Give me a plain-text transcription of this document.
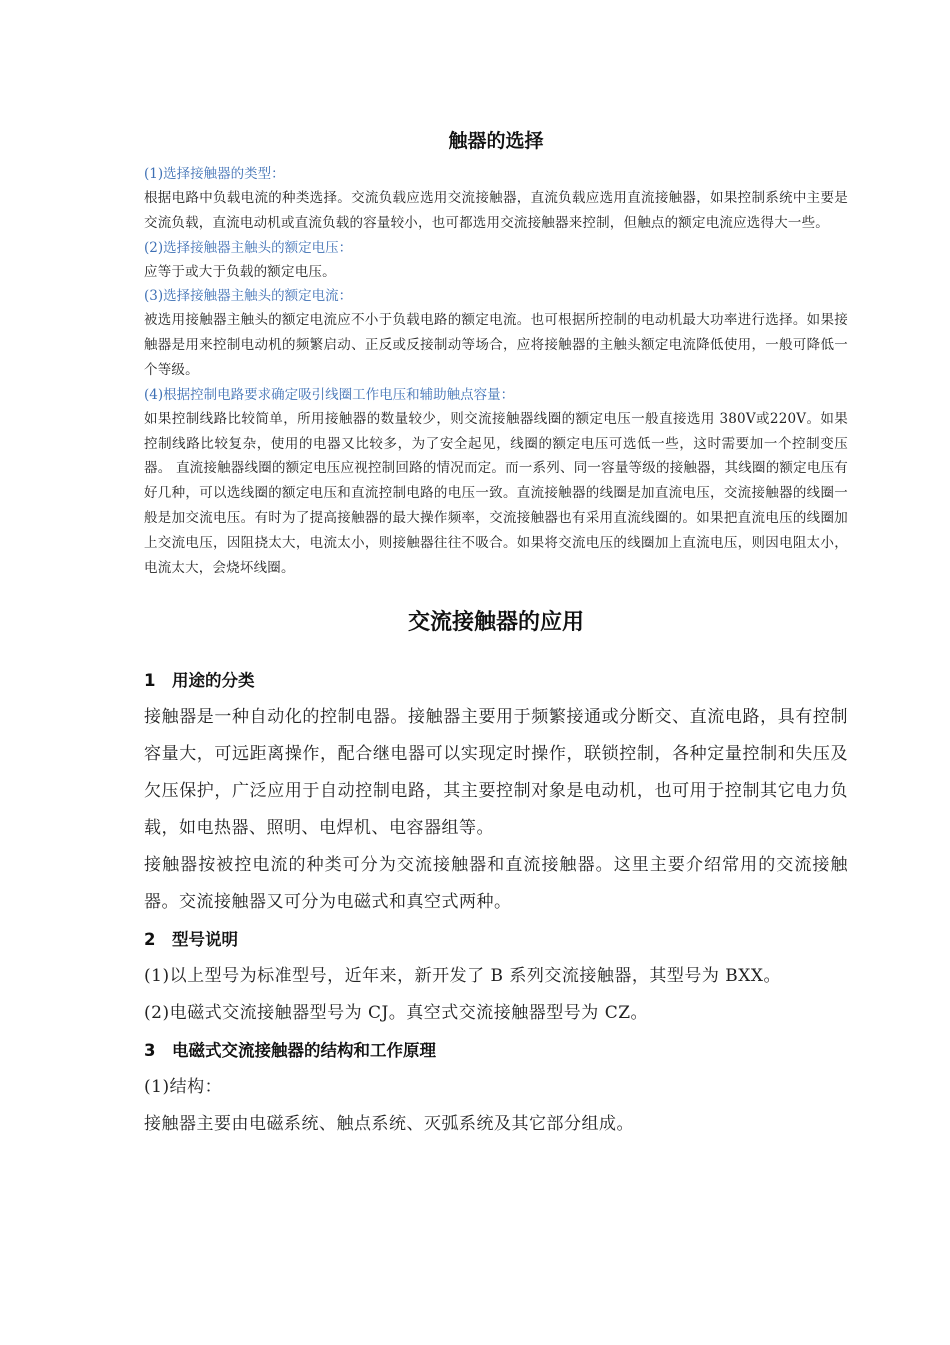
触器的选择
(1)选择接触器的类型：

根据电路中负载电流的种类选择。交流负载应选用交流接触器，直流负载应选用直流接触器，如果控制系统中主要是交流负载，直流电动机或直流负载的容量较小，也可都选用交流接触器来控制，但触点的额定电流应选得大一些。

(2)选择接触器主触头的额定电压：

应等于或大于负载的额定电压。

(3)选择接触器主触头的额定电流：

被选用接触器主触头的额定电流应不小于负载电路的额定电流。也可根据所控制的电动机最大功率进行选择。如果接触器是用来控制电动机的频繁启动、正反或反接制动等场合，应将接触器的主触头额定电流降低使用，一般可降低一个等级。

(4)根据控制电路要求确定吸引线圈工作电压和辅助触点容量：

如果控制线路比较简单，所用接触器的数量较少，则交流接触器线圈的额定电压一般直接选用 380V或220V。如果控制线路比较复杂，使用的电器又比较多，为了安全起见，线圈的额定电压可选低一些，这时需要加一个控制变压器。 直流接触器线圈的额定电压应视控制回路的情况而定。而一系列、同一容量等级的接触器，其线圈的额定电压有好几种，可以选线圈的额定电压和直流控制电路的电压一致。直流接触器的线圈是加直流电压，交流接触器的线圈一般是加交流电压。有时为了提高接触器的最大操作频率，交流接触器也有采用直流线圈的。如果把直流电压的线圈加上交流电压，因阻挠太大，电流太小，则接触器往往不吸合。如果将交流电压的线圈加上直流电压，则因电阻太小，电流太大，会烧坏线圈。

交流接触器的应用
1 用途的分类

接触器是一种自动化的控制电器。接触器主要用于频繁接通或分断交、直流电路，具有控制容量大，可远距离操作，配合继电器可以实现定时操作，联锁控制，各种定量控制和失压及欠压保护，广泛应用于自动控制电路，其主要控制对象是电动机，也可用于控制其它电力负载，如电热器、照明、电焊机、电容器组等。

接触器按被控电流的种类可分为交流接触器和直流接触器。这里主要介绍常用的交流接触器。交流接触器又可分为电磁式和真空式两种。

2 型号说明

(1)以上型号为标准型号，近年来，新开发了 B 系列交流接触器，其型号为 BXX。

(2)电磁式交流接触器型号为 CJ。真空式交流接触器型号为 CZ。

3 电磁式交流接触器的结构和工作原理

(1)结构：

接触器主要由电磁系统、触点系统、灭弧系统及其它部分组成。
